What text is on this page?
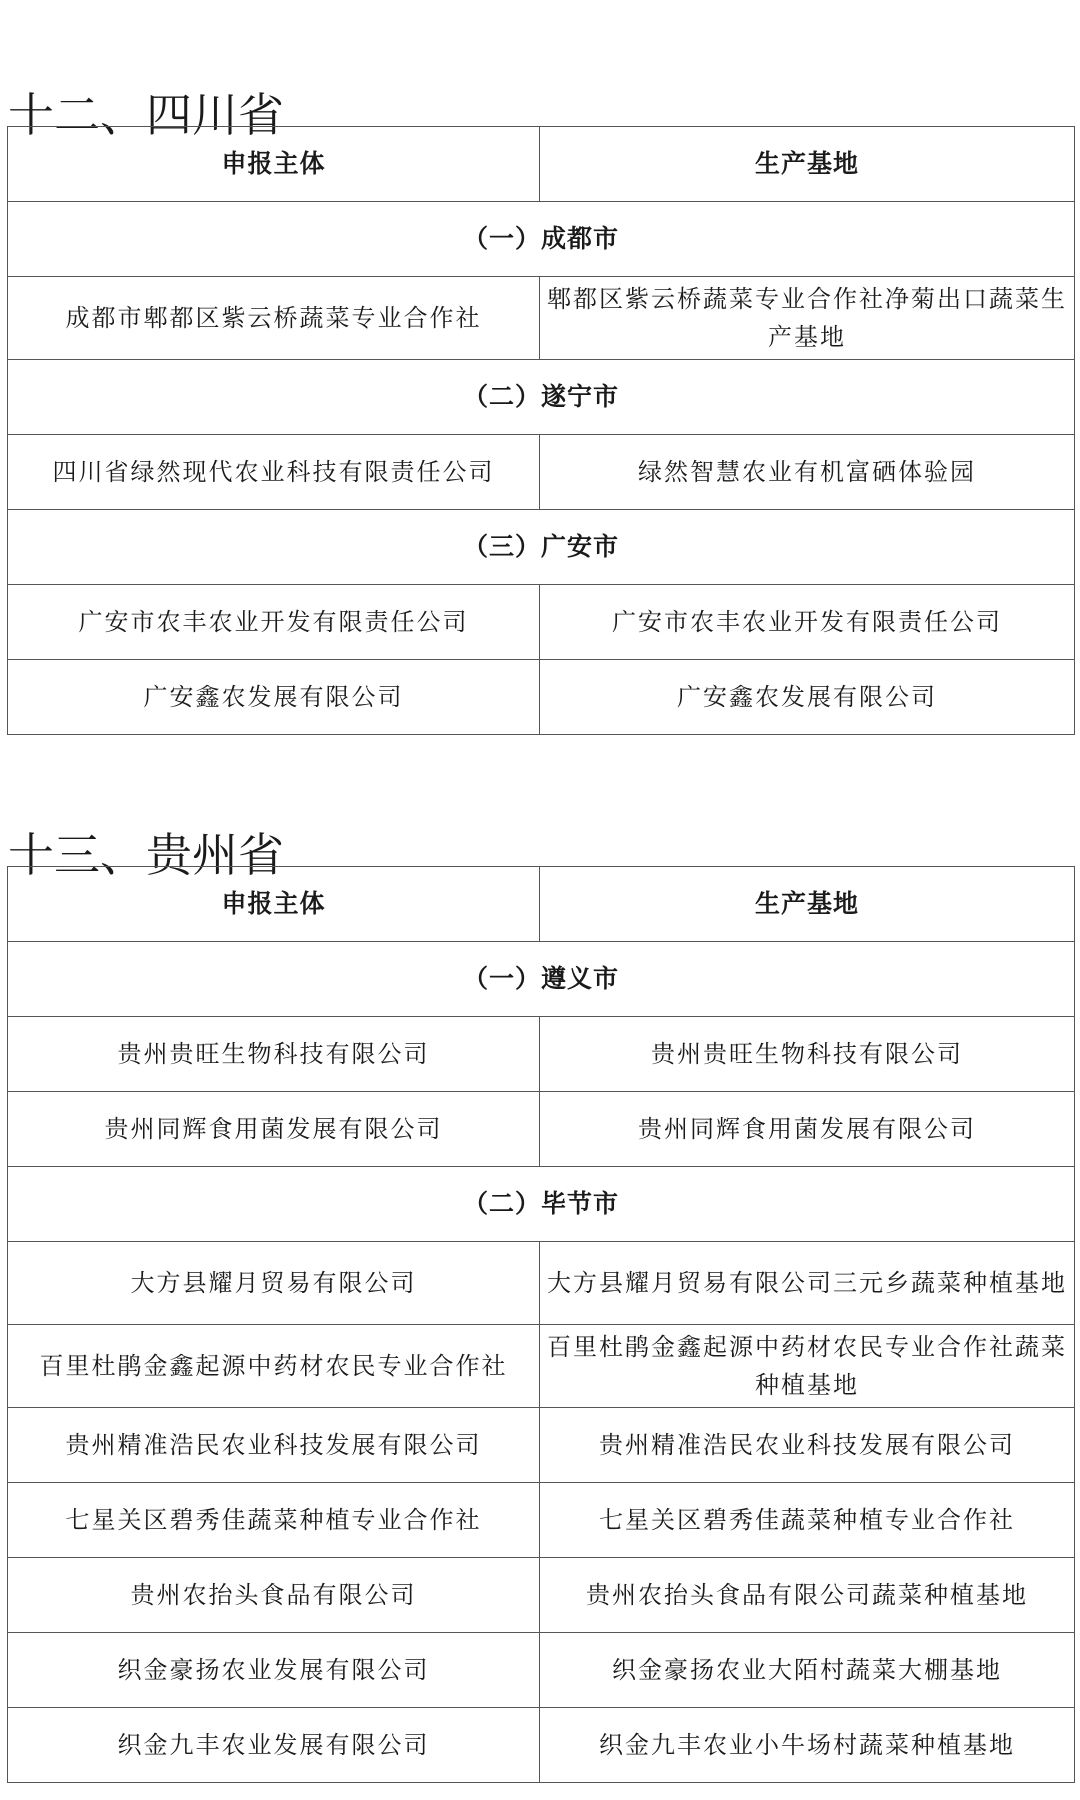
十二、四川省
申报主体	生产基地
（一）成都市	
成都市郫都区紫云桥蔬菜专业合作社	郫都区紫云桥蔬菜专业合作社净菊出口蔬菜生产基地
（二）遂宁市	
四川省绿然现代农业科技有限责任公司	绿然智慧农业有机富硒体验园
（三）广安市	
广安市农丰农业开发有限责任公司	广安市农丰农业开发有限责任公司
广安鑫农发展有限公司	广安鑫农发展有限公司
十三、贵州省
申报主体	生产基地
（一）遵义市	
贵州贵旺生物科技有限公司	贵州贵旺生物科技有限公司
贵州同辉食用菌发展有限公司	贵州同辉食用菌发展有限公司
（二）毕节市	
大方县耀月贸易有限公司	大方县耀月贸易有限公司三元乡蔬菜种植基地
百里杜鹃金鑫起源中药材农民专业合作社	百里杜鹃金鑫起源中药材农民专业合作社蔬菜种植基地
贵州精准浩民农业科技发展有限公司	贵州精准浩民农业科技发展有限公司
七星关区碧秀佳蔬菜种植专业合作社	七星关区碧秀佳蔬菜种植专业合作社
贵州农抬头食品有限公司	贵州农抬头食品有限公司蔬菜种植基地
织金豪扬农业发展有限公司	织金豪扬农业大陌村蔬菜大棚基地
织金九丰农业发展有限公司	织金九丰农业小牛场村蔬菜种植基地
